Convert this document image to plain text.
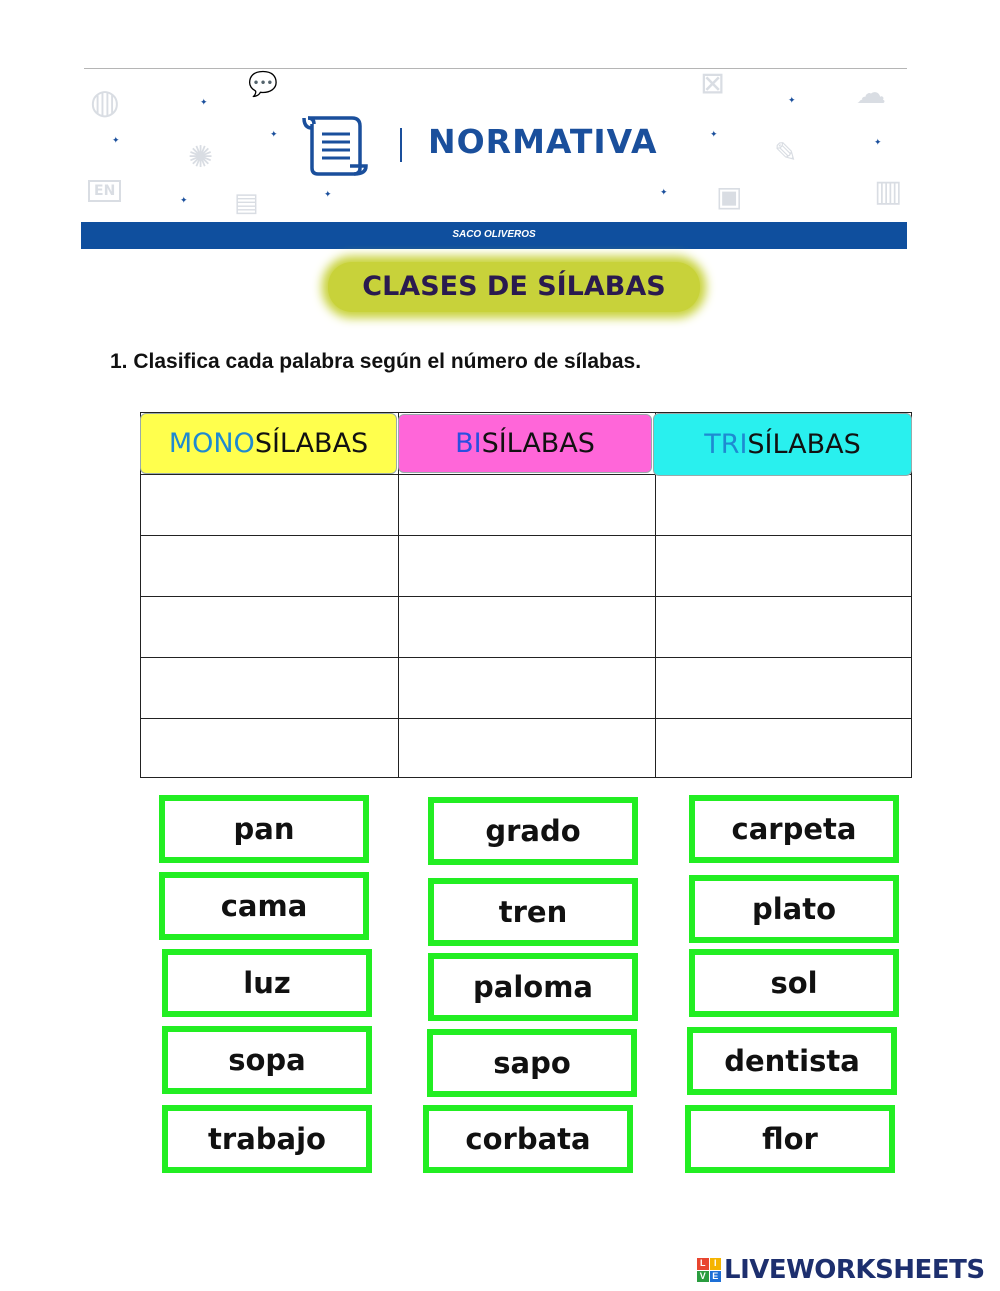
◍	💬
✺
EN	▤
⊠	☁
✎
▣	▥
✦
✦
✦
✦
✦
✦
✦
✦
✦
NORMATIVA
SACO OLIVEROS
CLASES DE SÍLABAS
1. Clasifica cada palabra según el número de sílabas.
MONO SÍLABAS	BI SÍLABAS	TRI SÍLABAS
pan	grado	carpeta
cama	tren	plato
luz	paloma	sol
sopa	sapo	dentista
trabajo	corbata	flor
L I
V E LIVEWORKSHEETS
